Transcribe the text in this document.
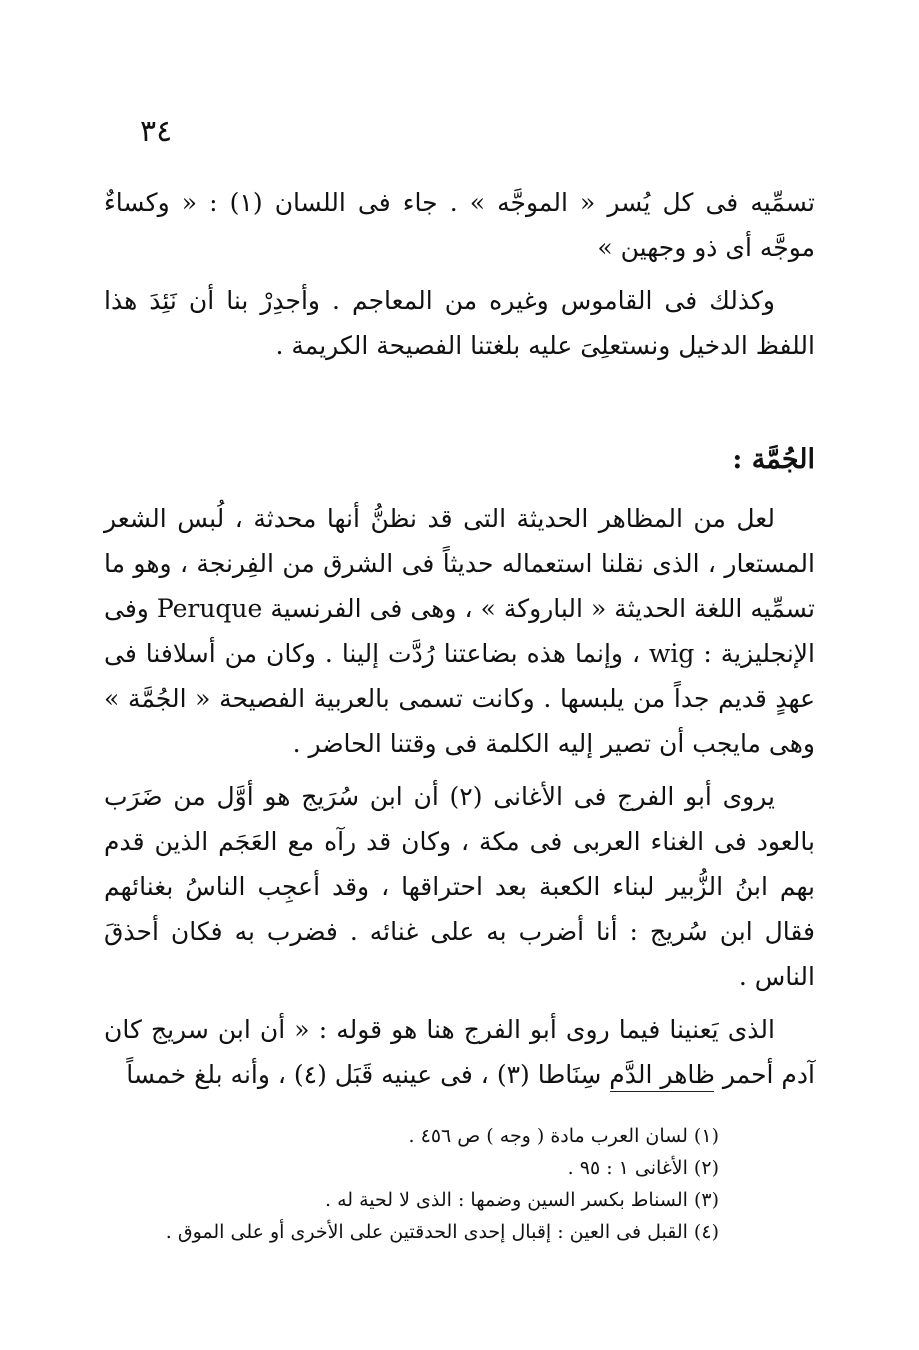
٣٤

تسمِّيه فى كل يُسر « الموجَّه » . جاء فى اللسان (١) : « وكساءٌ موجَّه أى ذو وجهين »

وكذلك فى القاموس وغيره من المعاجم . وأجدِرْ بنا أن نَئِدَ هذا اللفظ الدخيل ونستعلِىَ عليه بلغتنا الفصيحة الكريمة .

الجُمَّة :

لعل من المظاهر الحديثة التى قد نظنُّ أنها محدثة ، لُبس الشعر المستعار ، الذى نقلنا استعماله حديثاً فى الشرق من الفِرنجة ، وهو ما تسمِّيه اللغة الحديثة « الباروكة » ، وهى فى الفرنسية Peruque وفى الإنجليزية : wig ، وإنما هذه بضاعتنا رُدَّت إلينا . وكان من أسلافنا فى عهدٍ قديم جداً من يلبسها . وكانت تسمى بالعربية الفصيحة « الجُمَّة » وهى مايجب أن تصير إليه الكلمة فى وقتنا الحاضر .

يروى أبو الفرج فى الأغانى (٢) أن ابن سُرَيج هو أوَّل من ضَرَب بالعود فى الغناء العربى فى مكة ، وكان قد رآه مع العَجَم الذين قدم بهم ابنُ الزُّبير لبناء الكعبة بعد احتراقها ، وقد أعجِب الناسُ بغنائهم فقال ابن سُريج : أنا أضرب به على غنائه . فضرب به فكان أحذقَ الناس .

الذى يَعنينا فيما روى أبو الفرج هنا هو قوله : « أن ابن سريج كان آدم أحمر ظاهر الدَّم سِنَاطا (٣) ، فى عينيه قَبَل (٤) ، وأنه بلغ خمساً

(١) لسان العرب مادة ( وجه ) ص ٤٥٦ .
(٢) الأغانى ١ : ٩٥ .
(٣) السناط بكسر السين وضمها : الذى لا لحية له .
(٤) القبل فى العين : إقبال إحدى الحدقتين على الأخرى أو على الموق .
